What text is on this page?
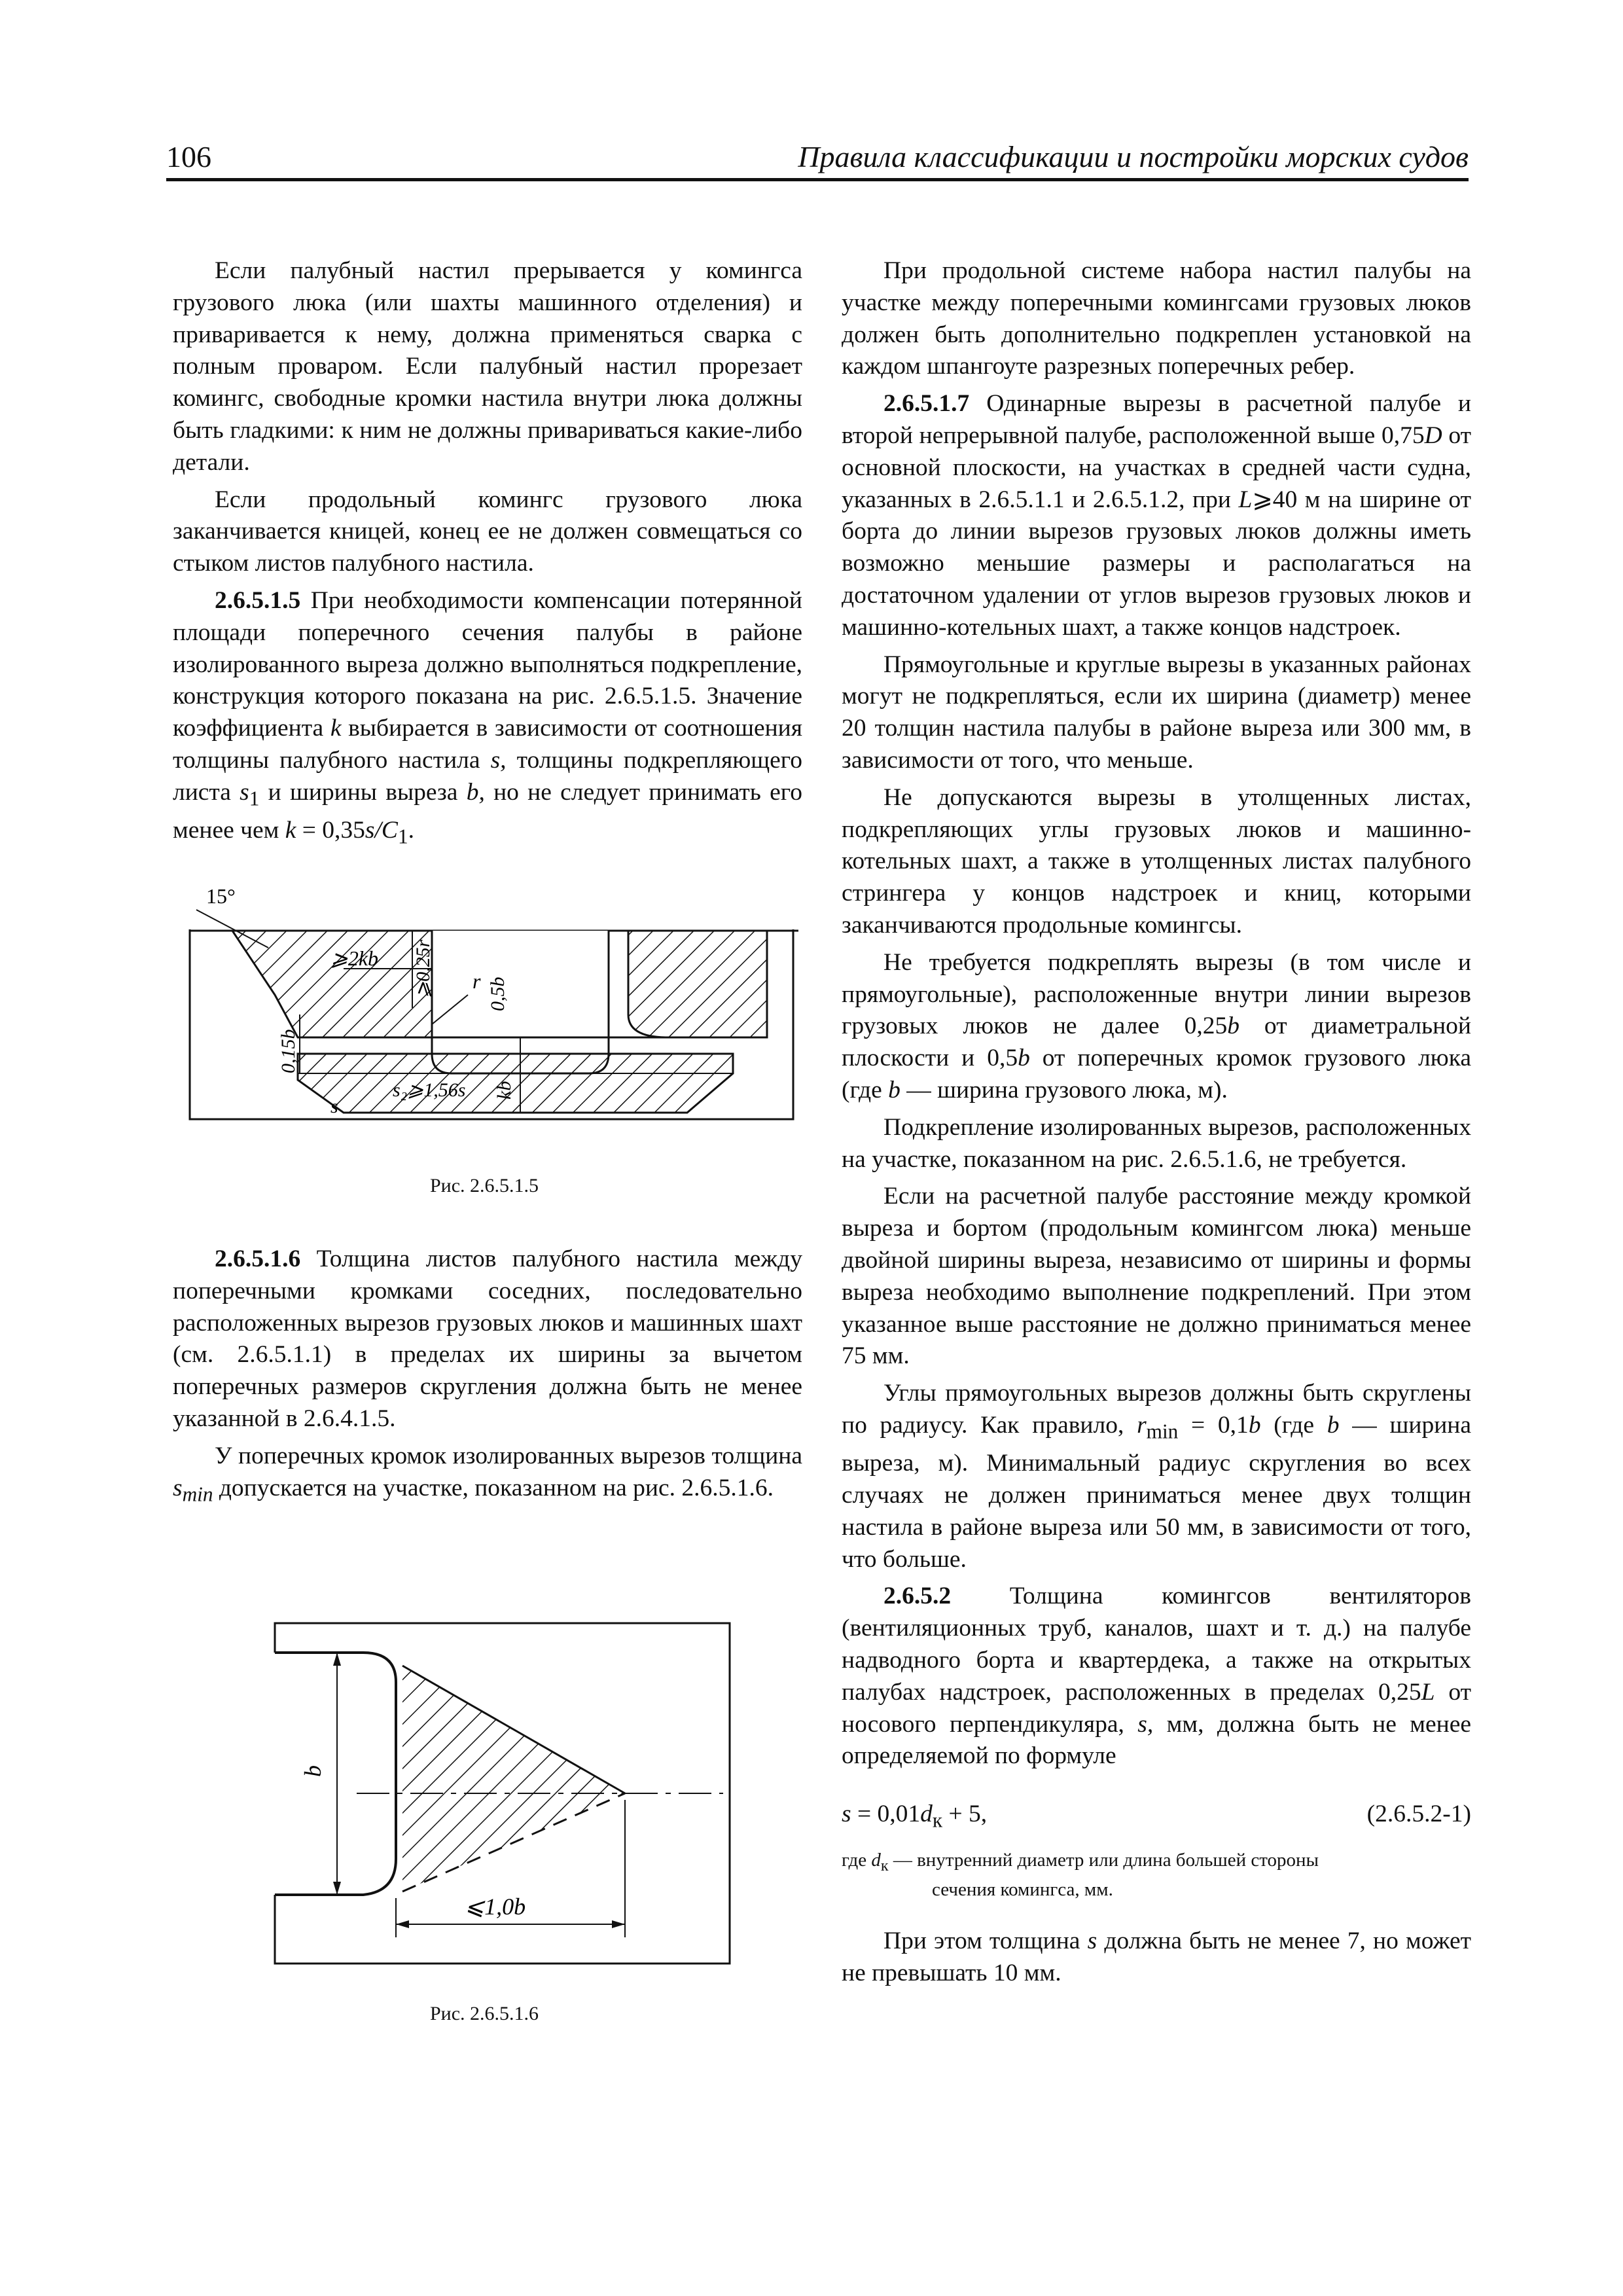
106	Правила классификации и постройки морских судов

Если палубный настил прерывается у комингса грузового люка (или шахты машинного отделения) и приваривается к нему, должна применяться сварка с полным проваром. Если палубный настил прорезает комингс, свободные кромки настила внутри люка должны быть гладкими: к ним не должны привариваться какие-либо детали.

Если продольный комингс грузового люка заканчивается кницей, конец ее не должен совмещаться со стыком листов палубного настила.

2.6.5.1.5 При необходимости компенсации потерянной площади поперечного сечения палубы в районе изолированного выреза должно выполняться подкрепление, конструкция которого показана на рис. 2.6.5.1.5. Значение коэффициента k выбирается в зависимости от соотношения толщины палубного настила s, толщины подкрепляющего листа $s_1$ и ширины выреза b, но не следует принимать его менее чем $k = 0,35s/C_1$.

15°
⩾2kb ⩾0,25r r 0,5b
0,15b
s₂⩾1,56s kb
s
Рис. 2.6.5.1.5

2.6.5.1.6 Толщина листов палубного настила между поперечными кромками соседних, последовательно расположенных вырезов грузовых люков и машинных шахт (см. 2.6.5.1.1) в пределах их ширины за вычетом поперечных размеров скругления должна быть не менее указанной в 2.6.4.1.5.

У поперечных кромок изолированных вырезов толщина $s_{min}$ допускается на участке, показанном на рис. 2.6.5.1.6.

b
⩽1,0b
Рис. 2.6.5.1.6

При продольной системе набора настил палубы на участке между поперечными комингсами грузовых люков должен быть дополнительно подкреплен установкой на каждом шпангоуте разрезных поперечных ребер.

2.6.5.1.7 Одинарные вырезы в расчетной палубе и второй непрерывной палубе, расположенной выше 0,75D от основной плоскости, на участках в средней части судна, указанных в 2.6.5.1.1 и 2.6.5.1.2, при L⩾40 м на ширине от борта до линии вырезов грузовых люков должны иметь возможно меньшие размеры и располагаться на достаточном удалении от углов вырезов грузовых люков и машинно-котельных шахт, а также концов надстроек.

Прямоугольные и круглые вырезы в указанных районах могут не подкрепляться, если их ширина (диаметр) менее 20 толщин настила палубы в районе выреза или 300 мм, в зависимости от того, что меньше.

Не допускаются вырезы в утолщенных листах, подкрепляющих углы грузовых люков и машинно-котельных шахт, а также в утолщенных листах палубного стрингера у концов надстроек и книц, которыми заканчиваются продольные комингсы.

Не требуется подкреплять вырезы (в том числе и прямоугольные), расположенные внутри линии вырезов грузовых люков не далее 0,25b от диаметральной плоскости и 0,5b от поперечных кромок грузового люка (где b — ширина грузового люка, м).

Подкрепление изолированных вырезов, расположенных на участке, показанном на рис. 2.6.5.1.6, не требуется.

Если на расчетной палубе расстояние между кромкой выреза и бортом (продольным комингсом люка) меньше двойной ширины выреза, независимо от ширины и формы выреза необходимо выполнение подкреплений. При этом указанное выше расстояние не должно приниматься менее 75 мм.

Углы прямоугольных вырезов должны быть скруглены по радиусу. Как правило, $r_{min} = 0,1b$ (где b — ширина выреза, м). Минимальный радиус скругления во всех случаях не должен приниматься менее двух толщин настила в районе выреза или 50 мм, в зависимости от того, что больше.

2.6.5.2 Толщина комингсов вентиляторов (вентиляционных труб, каналов, шахт и т. д.) на палубе надводного борта и квартердека, а также на открытых палубах надстроек, расположенных в пределах 0,25L от носового перпендикуляра, s, мм, должна быть не менее определяемой по формуле

$s = 0,01d_к + 5$,	(2.6.5.2-1)
где $d_к$ — внутренний диаметр или длина большей стороны
сечения комингса, мм.

При этом толщина s должна быть не менее 7, но может не превышать 10 мм.
